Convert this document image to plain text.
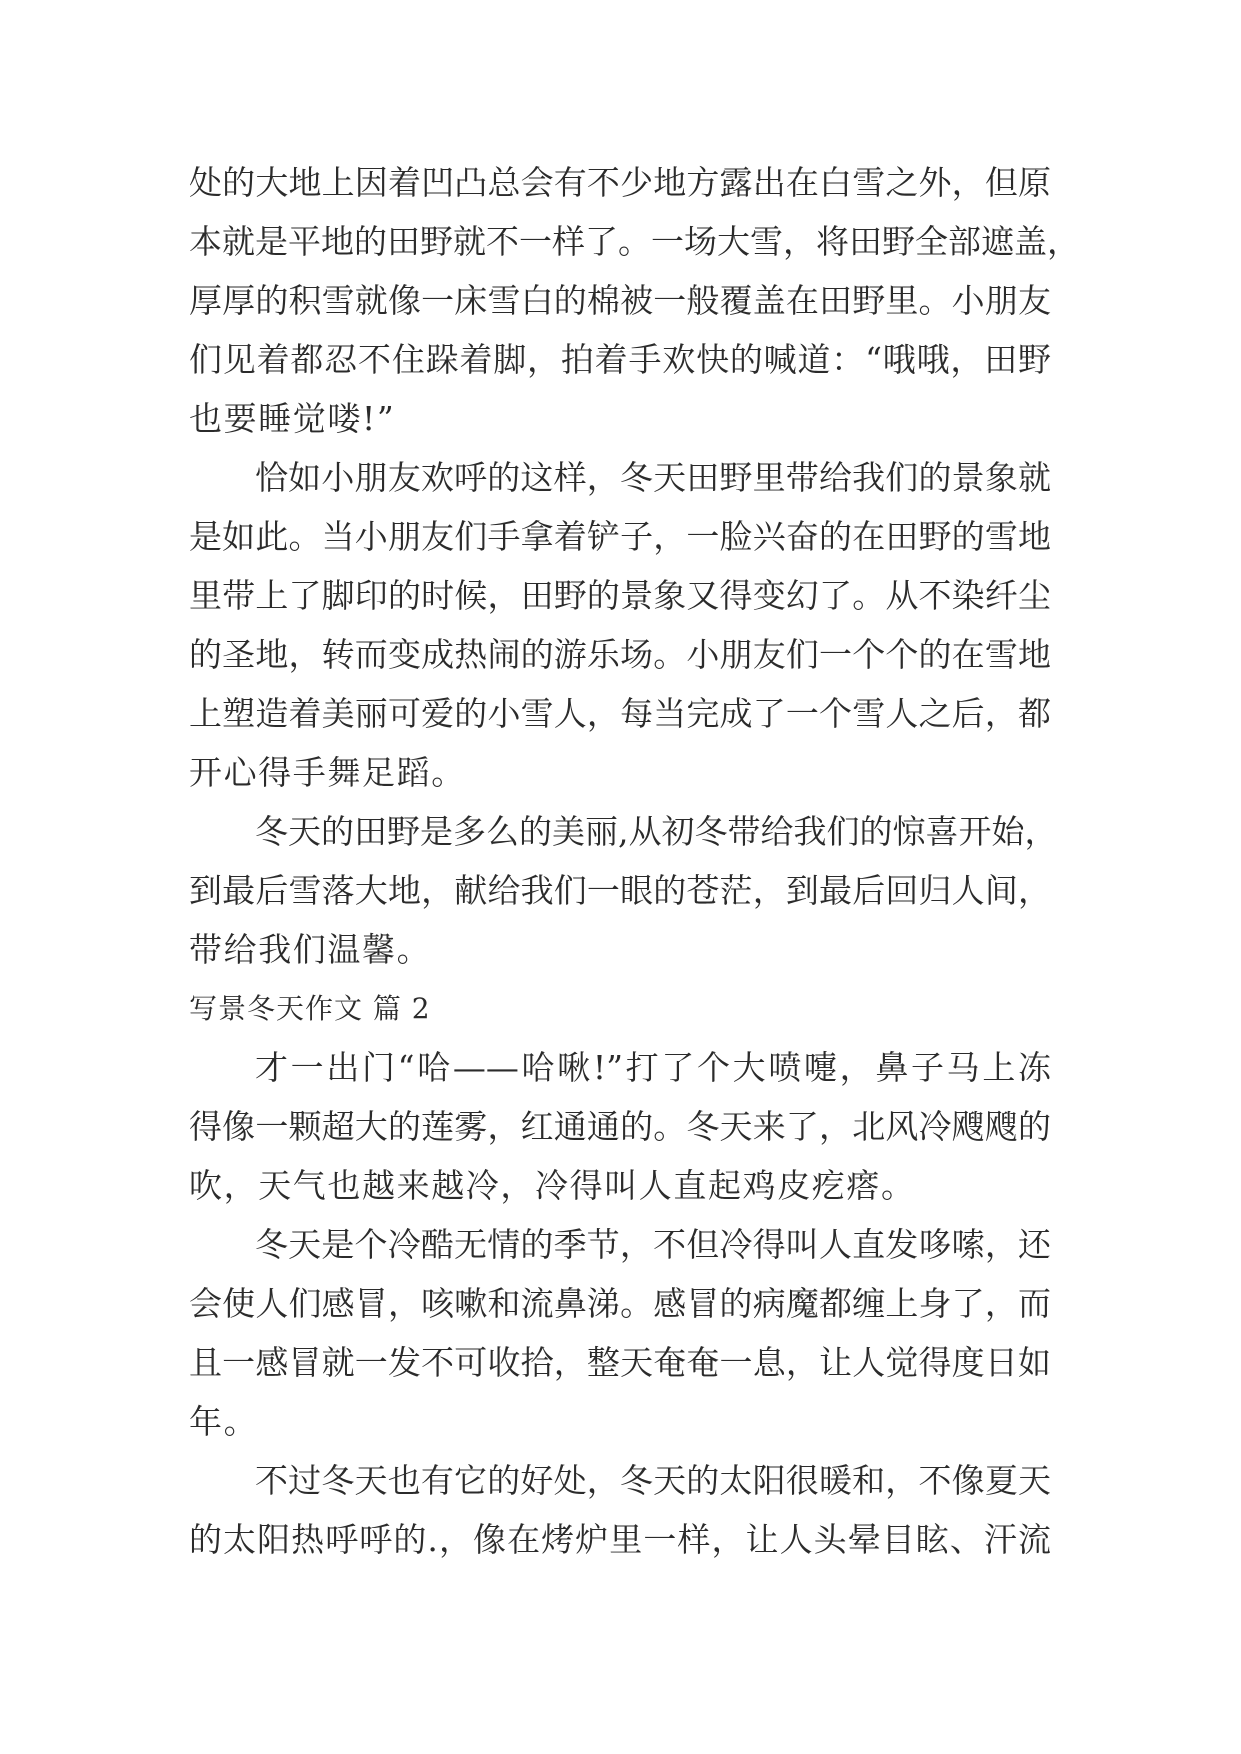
处的大地上因着凹凸总会有不少地方露出在白雪之外，但原
本就是平地的田野就不一样了。一场大雪，将田野全部遮盖，
厚厚的积雪就像一床雪白的棉被一般覆盖在田野里。小朋友
们见着都忍不住跺着脚，拍着手欢快的喊道：“哦哦，田野
也要睡觉喽!”
恰如小朋友欢呼的这样，冬天田野里带给我们的景象就
是如此。当小朋友们手拿着铲子，一脸兴奋的在田野的雪地
里带上了脚印的时候，田野的景象又得变幻了。从不染纤尘
的圣地，转而变成热闹的游乐场。小朋友们一个个的在雪地
上塑造着美丽可爱的小雪人，每当完成了一个雪人之后，都
开心得手舞足蹈。
冬天的田野是多么的美丽,从初冬带给我们的惊喜开始，
到最后雪落大地，献给我们一眼的苍茫，到最后回归人间，
带给我们温馨。
写景冬天作文 篇 2
才一出门“哈——哈啾!”打了个大喷嚏，鼻子马上冻
得像一颗超大的莲雾，红通通的。冬天来了，北风冷飕飕的
吹，天气也越来越冷，冷得叫人直起鸡皮疙瘩。
冬天是个冷酷无情的季节，不但冷得叫人直发哆嗦，还
会使人们感冒，咳嗽和流鼻涕。感冒的病魔都缠上身了，而
且一感冒就一发不可收拾，整天奄奄一息，让人觉得度日如
年。
不过冬天也有它的好处，冬天的太阳很暖和，不像夏天
的太阳热呼呼的.，像在烤炉里一样，让人头晕目眩、汗流
